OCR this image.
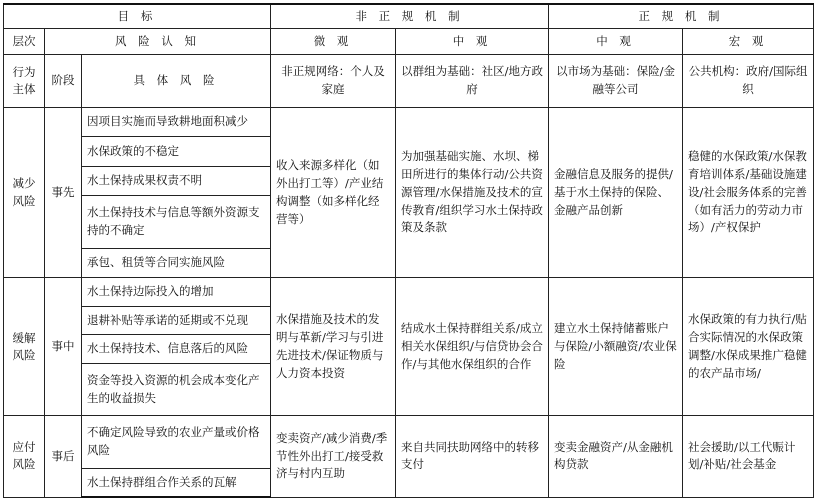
目 标			非 正 规 机 制		正 规 机 制	
层次	风 险 认 知		微 观	中 观	中 观	宏 观
行为主体	阶段	具 体 风 险	非正规网络：个人及家庭	以群组为基础：社区/地方政府	以市场为基础：保险/金融等公司	公共机构：政府/国际组织
减少风险	事先	因项目实施而导致耕地面积减少	收入来源多样化（如外出打工等）/产业结构调整（如多样化经营等）	为加强基础实施、水坝、梯田所进行的集体行动/公共资源管理/水保措施及技术的宣传教育/组织学习水土保持政策及条款	金融信息及服务的提供/基于水土保持的保险、金融产品创新	稳健的水保政策/水保教育培训体系/基础设施建设/社会服务体系的完善（如有活力的劳动力市场）/产权保护
		水保政策的不稳定				
		水土保持成果权责不明				
		水土保持技术与信息等额外资源支持的不确定				
		承包、租赁等合同实施风险				
缓解风险	事中	水土保持边际投入的增加	水保措施及技术的发明与革新/学习与引进先进技术/保证物质与人力资本投资	结成水土保持群组关系/成立相关水保组织/与信贷协会合作/与其他水保组织的合作	建立水土保持储蓄账户与保险/小额融资/农业保险	水保政策的有力执行/贴合实际情况的水保政策调整/水保成果推广稳健的农产品市场/
		退耕补贴等承诺的延期或不兑现				
		水土保持技术、信息落后的风险				
		资金等投入资源的机会成本变化产生的收益损失				
应付风险	事后	不确定风险导致的农业产量或价格风险	变卖资产/减少消费/季节性外出打工/接受救济与村内互助	来自共同扶助网络中的转移支付	变卖金融资产/从金融机构贷款	社会援助/以工代赈计划/补贴/社会基金
		水土保持群组合作关系的瓦解				
